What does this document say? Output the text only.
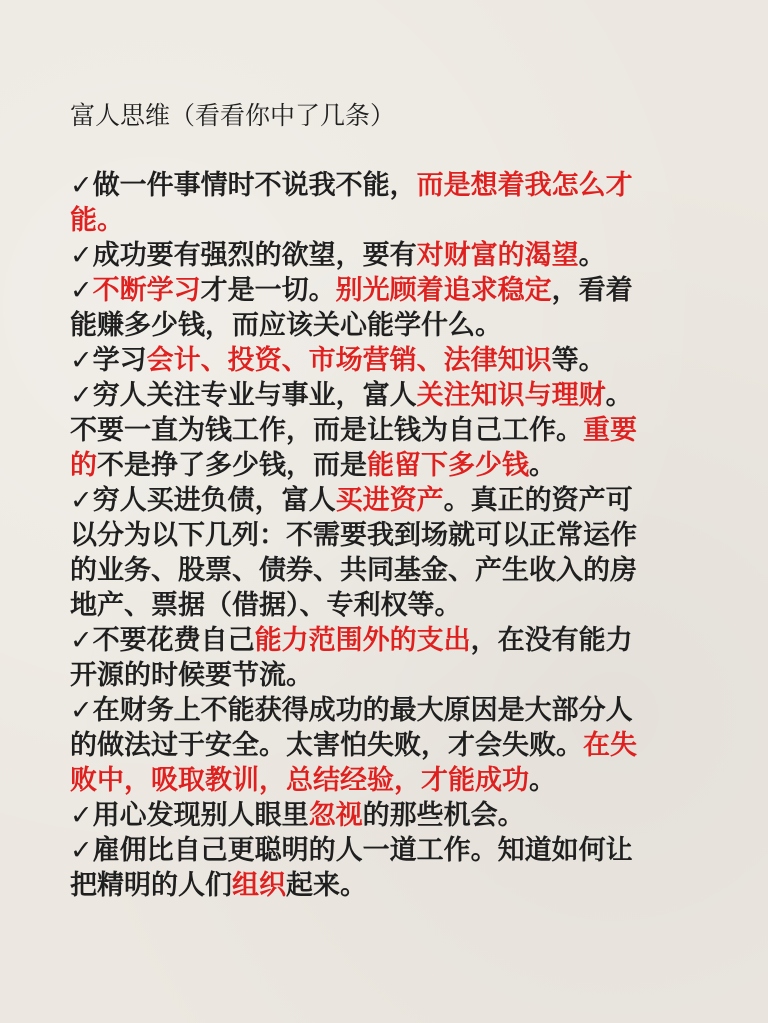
富人思维（看看你中了几条）
✓做一件事情时不说我不能，而是想着我怎么才
能。
✓成功要有强烈的欲望，要有对财富的渴望。
✓不断学习才是一切。别光顾着追求稳定，看着
能赚多少钱，而应该关心能学什么。
✓学习会计、投资、市场营销、法律知识等。
✓穷人关注专业与事业，富人关注知识与理财。
不要一直为钱工作，而是让钱为自己工作。重要
的不是挣了多少钱，而是能留下多少钱。
✓穷人买进负债，富人买进资产。真正的资产可
以分为以下几列：不需要我到场就可以正常运作
的业务、股票、债券、共同基金、产生收入的房
地产、票据（借据）、专利权等。
✓不要花费自己能力范围外的支出，在没有能力
开源的时候要节流。
✓在财务上不能获得成功的最大原因是大部分人
的做法过于安全。太害怕失败，才会失败。在失
败中，吸取教训，总结经验，才能成功。
✓用心发现别人眼里忽视的那些机会。
✓雇佣比自己更聪明的人一道工作。知道如何让
把精明的人们组织起来。
